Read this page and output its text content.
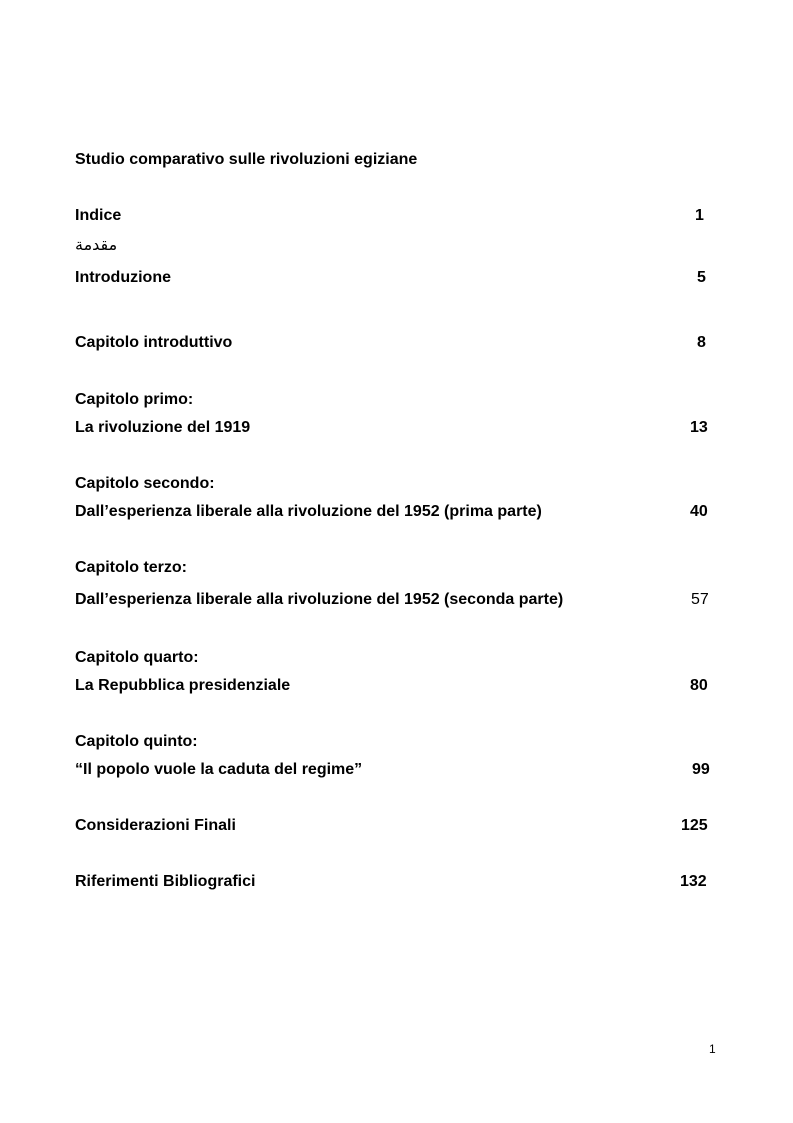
Studio comparativo sulle rivoluzioni egiziane
Indice	1
مقدمة
Introduzione	5
Capitolo introduttivo	8
Capitolo primo:
La rivoluzione del 1919	13
Capitolo secondo:
Dall’esperienza liberale alla rivoluzione del 1952 (prima parte)	40
Capitolo terzo:
Dall’esperienza liberale alla rivoluzione del 1952 (seconda parte)	57
Capitolo quarto:
La Repubblica presidenziale	80
Capitolo quinto:
“Il popolo vuole la caduta del regime”	99
Considerazioni Finali	125
Riferimenti Bibliografici	132
1
